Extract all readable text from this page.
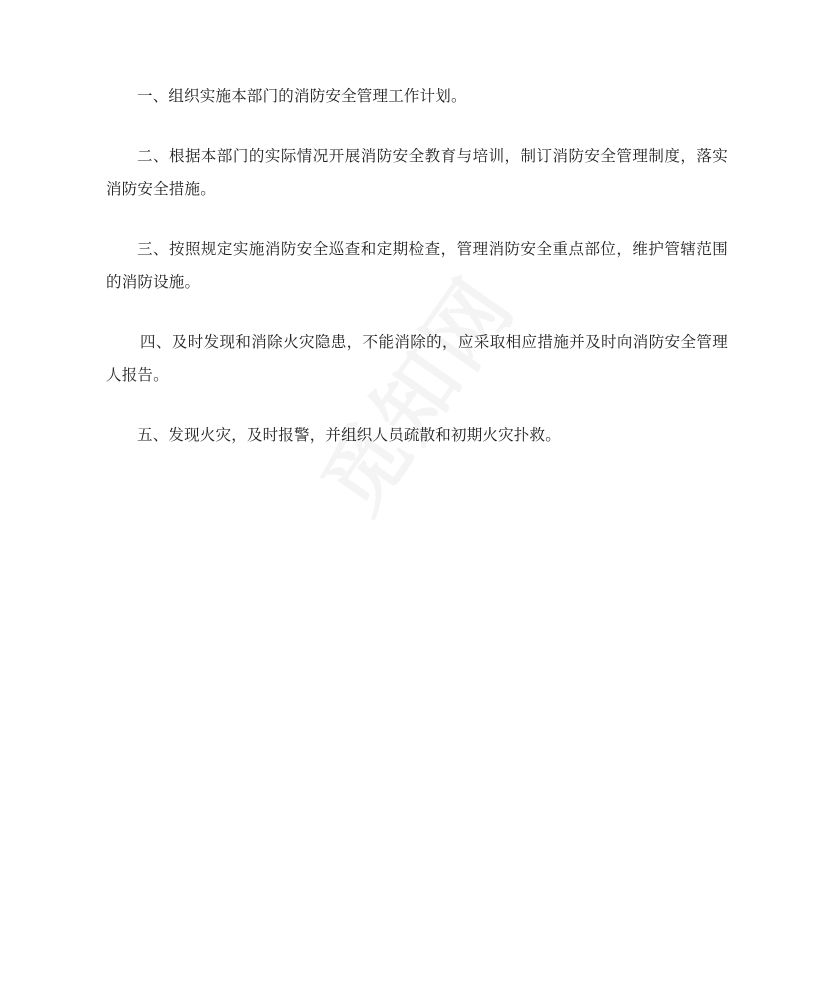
一、组织实施本部门的消防安全管理工作计划。

二、根据本部门的实际情况开展消防安全教育与培训，制订消防安全管理制度，落实消防安全措施。

三、按照规定实施消防安全巡查和定期检查，管理消防安全重点部位，维护管辖范围的消防设施。

四、及时发现和消除火灾隐患，不能消除的，应采取相应措施并及时向消防安全管理人报告。

五、发现火灾，及时报警，并组织人员疏散和初期火灾扑救。
